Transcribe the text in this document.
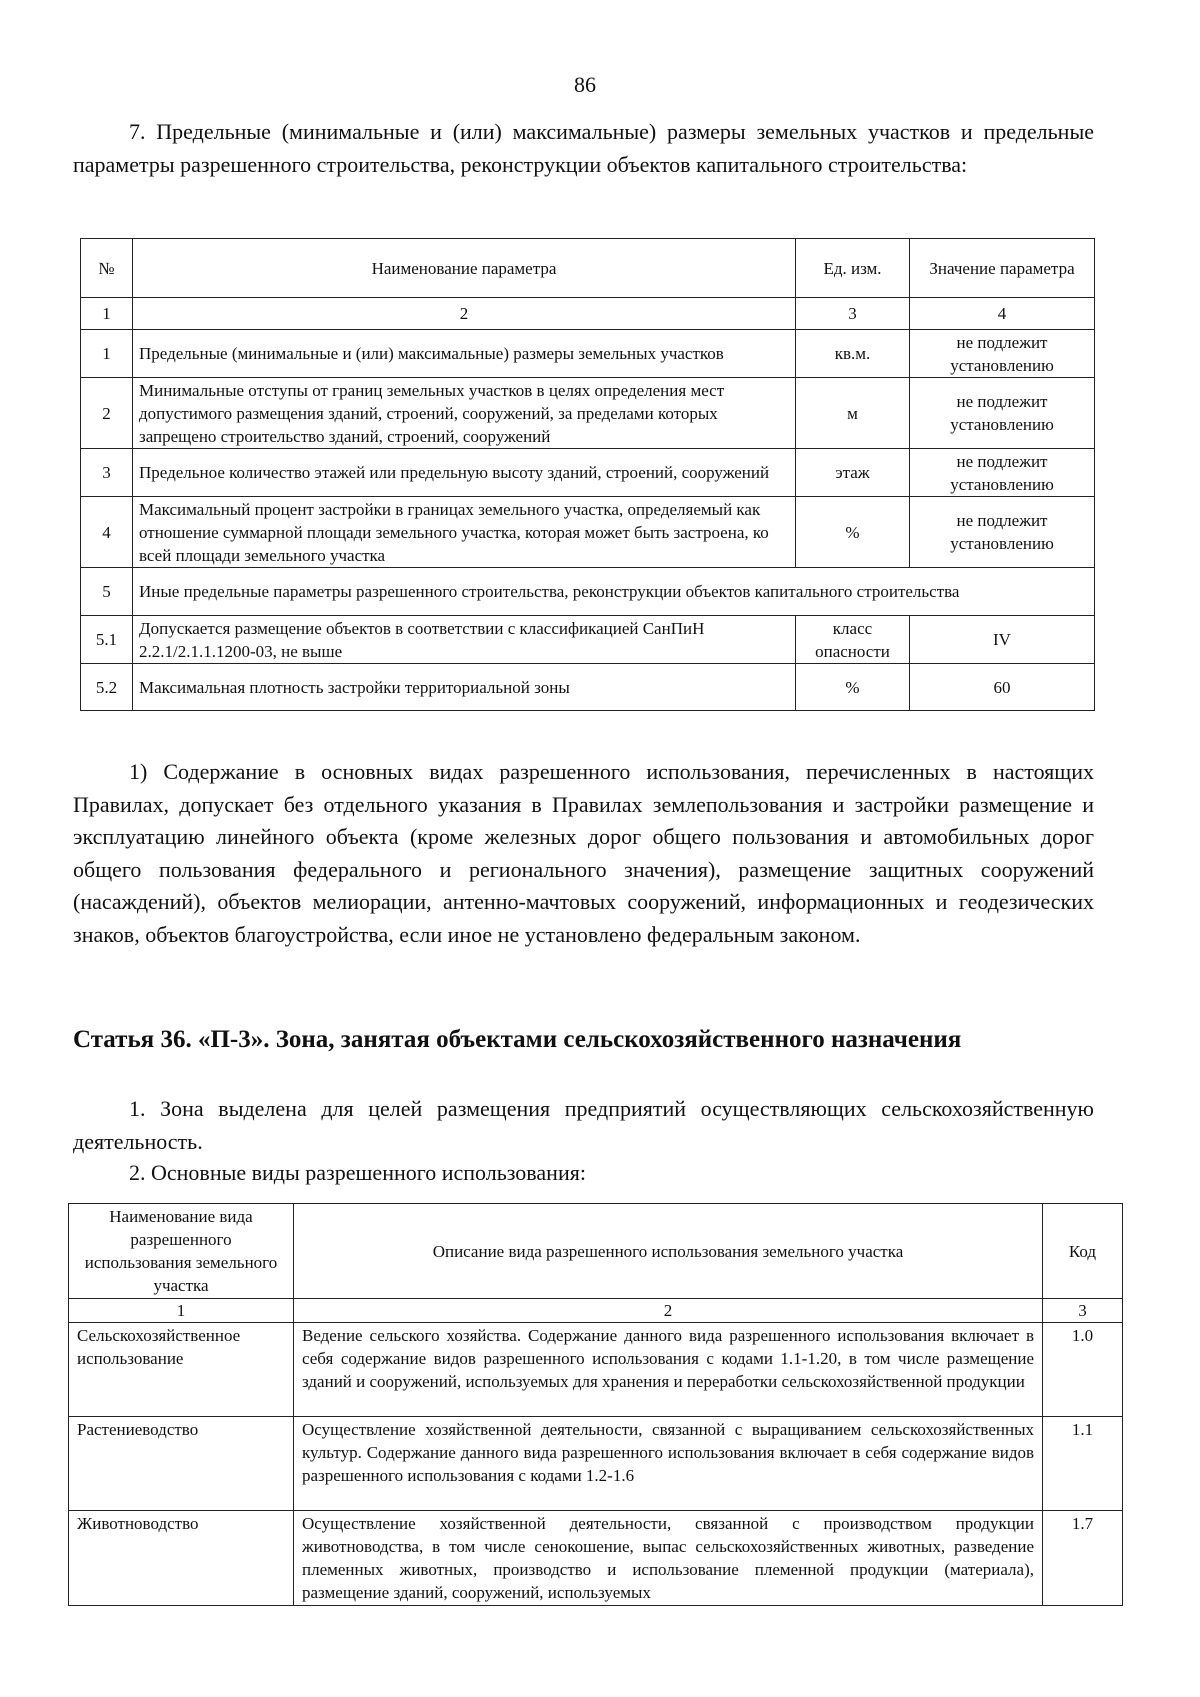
86

7. Предельные (минимальные и (или) максимальные) размеры земельных участков и предельные параметры разрешенного строительства, реконструкции объектов капитального строительства:

№	Наименование параметра	Ед. изм.	Значение параметра
1	2	3	4
1	Предельные (минимальные и (или) максимальные) размеры земельных участков	кв.м.	не подлежит установлению
2	Минимальные отступы от границ земельных участков в целях определения мест допустимого размещения зданий, строений, сооружений, за пределами которых запрещено строительство зданий, строений, сооружений	м	не подлежит установлению
3	Предельное количество этажей или предельную высоту зданий, строений, сооружений	этаж	не подлежит установлению
4	Максимальный процент застройки в границах земельного участка, определяемый как отношение суммарной площади земельного участка, которая может быть застроена, ко всей площади земельного участка	%	не подлежит установлению
5	Иные предельные параметры разрешенного строительства, реконструкции объектов капитального строительства		
5.1	Допускается размещение объектов в соответствии с классификацией СанПиН 2.2.1/2.1.1.1200-03, не выше	класс опасности	IV
5.2	Максимальная плотность застройки территориальной зоны	%	60

1) Содержание в основных видах разрешенного использования, перечисленных в настоящих Правилах, допускает без отдельного указания в Правилах землепользования и застройки размещение и эксплуатацию линейного объекта (кроме железных дорог общего пользования и автомобильных дорог общего пользования федерального и регионального значения), размещение защитных сооружений (насаждений), объектов мелиорации, антенно-мачтовых сооружений, информационных и геодезических знаков, объектов благоустройства, если иное не установлено федеральным законом.

Статья 36. «П-3». Зона, занятая объектами сельскохозяйственного назначения

1. Зона выделена для целей размещения предприятий осуществляющих сельскохозяйственную деятельность.

2. Основные виды разрешенного использования:

Наименование вида разрешенного использования земельного участка	Описание вида разрешенного использования земельного участка	Код
1	2	3
Сельскохозяйственное использование	Ведение сельского хозяйства. Содержание данного вида разрешенного использования включает в себя содержание видов разрешенного использования с кодами 1.1-1.20, в том числе размещение зданий и сооружений, используемых для хранения и переработки сельскохозяйственной продукции	1.0
Растениеводство	Осуществление хозяйственной деятельности, связанной с выращиванием сельскохозяйственных культур. Содержание данного вида разрешенного использования включает в себя содержание видов разрешенного использования с кодами 1.2-1.6	1.1
Животноводство	Осуществление хозяйственной деятельности, связанной с производством продукции животноводства, в том числе сенокошение, выпас сельскохозяйственных животных, разведение племенных животных, производство и использование племенной продукции (материала), размещение зданий, сооружений, используемых	1.7
